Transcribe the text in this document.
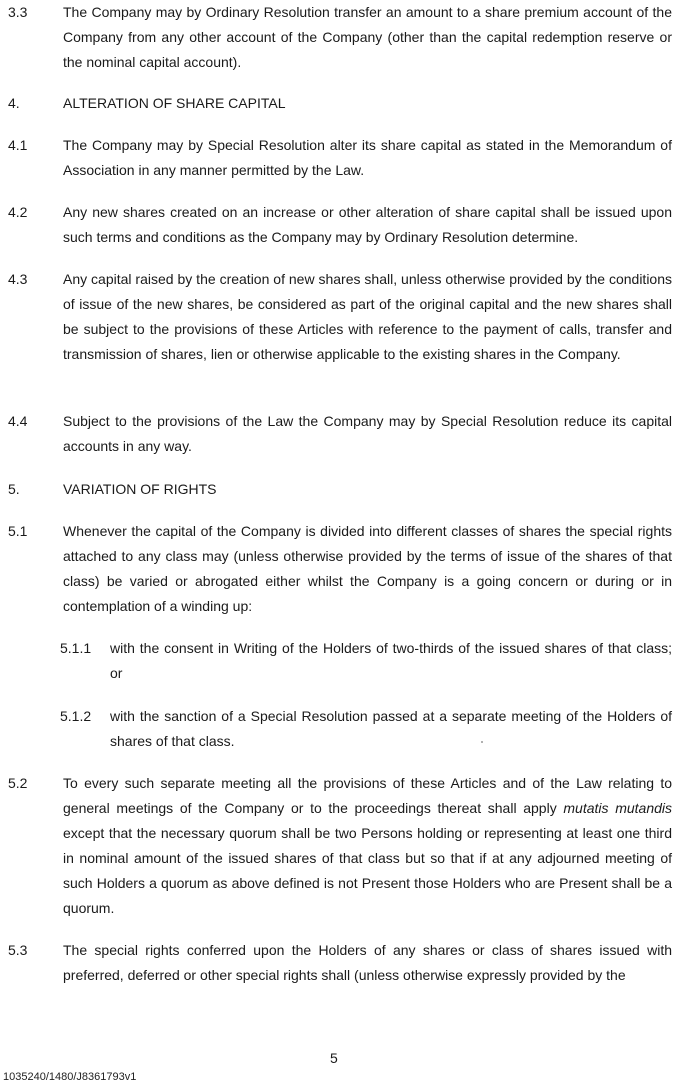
3.3	The Company may by Ordinary Resolution transfer an amount to a share premium account of the Company from any other account of the Company (other than the capital redemption reserve or the nominal capital account).
4.	ALTERATION OF SHARE CAPITAL
4.1	The Company may by Special Resolution alter its share capital as stated in the Memorandum of Association in any manner permitted by the Law.
4.2	Any new shares created on an increase or other alteration of share capital shall be issued upon such terms and conditions as the Company may by Ordinary Resolution determine.
4.3	Any capital raised by the creation of new shares shall, unless otherwise provided by the conditions of issue of the new shares, be considered as part of the original capital and the new shares shall be subject to the provisions of these Articles with reference to the payment of calls, transfer and transmission of shares, lien or otherwise applicable to the existing shares in the Company.
4.4	Subject to the provisions of the Law the Company may by Special Resolution reduce its capital accounts in any way.
5.	VARIATION OF RIGHTS
5.1	Whenever the capital of the Company is divided into different classes of shares the special rights attached to any class may (unless otherwise provided by the terms of issue of the shares of that class) be varied or abrogated either whilst the Company is a going concern or during or in contemplation of a winding up:
5.1.1 with the consent in Writing of the Holders of two-thirds of the issued shares of that class; or
5.1.2 with the sanction of a Special Resolution passed at a separate meeting of the Holders of shares of that class.
5.2	To every such separate meeting all the provisions of these Articles and of the Law relating to general meetings of the Company or to the proceedings thereat shall apply mutatis mutandis except that the necessary quorum shall be two Persons holding or representing at least one third in nominal amount of the issued shares of that class but so that if at any adjourned meeting of such Holders a quorum as above defined is not Present those Holders who are Present shall be a quorum.
5.3	The special rights conferred upon the Holders of any shares or class of shares issued with preferred, deferred or other special rights shall (unless otherwise expressly provided by the
5
1035240/1480/J8361793v1
